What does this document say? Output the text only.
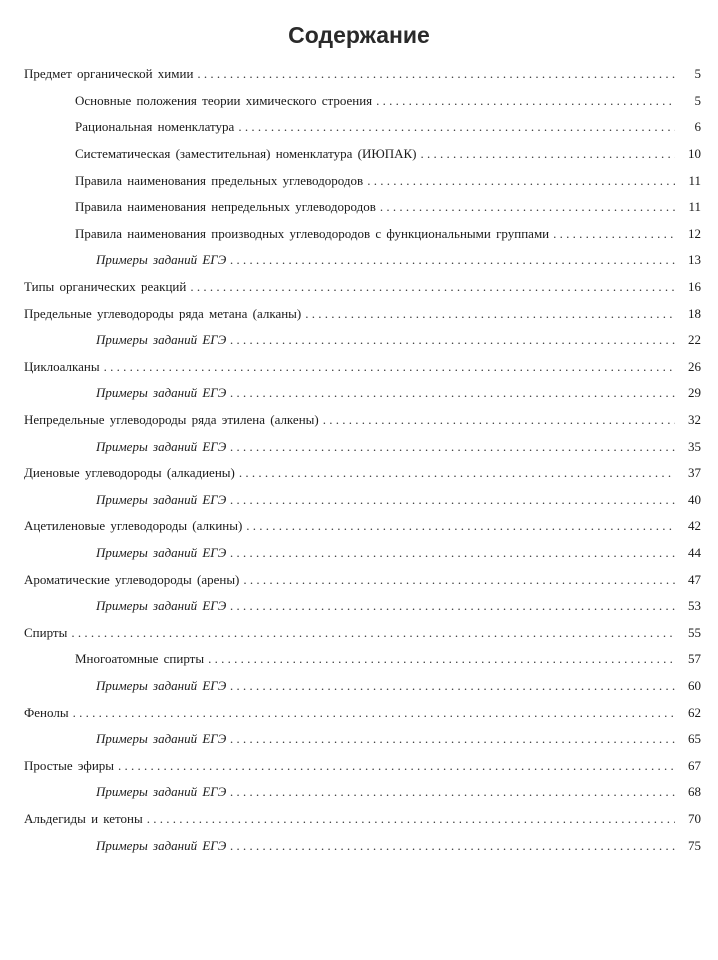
Содержание
Предмет органической химии . . .	5
Основные положения теории химического строения . . .	5
Рациональная номенклатура . . .	6
Систематическая (заместительная) номенклатура (ИЮПАК) . . .	10
Правила наименования предельных углеводородов . . .	11
Правила наименования непредельных углеводородов . . .	11
Правила наименования производных углеводородов с функциональными группами . . .	12
Примеры заданий ЕГЭ . . .	13
Типы органических реакций . . .	16
Предельные углеводороды ряда метана (алканы) . . .	18
Примеры заданий ЕГЭ . . .	22
Циклоалканы . . .	26
Примеры заданий ЕГЭ . . .	29
Непредельные углеводороды ряда этилена (алкены) . . .	32
Примеры заданий ЕГЭ . . .	35
Диеновые углеводороды (алкадиены) . . .	37
Примеры заданий ЕГЭ . . .	40
Ацетиленовые углеводороды (алкины) . . .	42
Примеры заданий ЕГЭ . . .	44
Ароматические углеводороды (арены) . . .	47
Примеры заданий ЕГЭ . . .	53
Спирты . . .	55
Многоатомные спирты . . .	57
Примеры заданий ЕГЭ . . .	60
Фенолы . . .	62
Примеры заданий ЕГЭ . . .	65
Простые эфиры . . .	67
Примеры заданий ЕГЭ . . .	68
Альдегиды и кетоны . . .	70
Примеры заданий ЕГЭ . . .	75
